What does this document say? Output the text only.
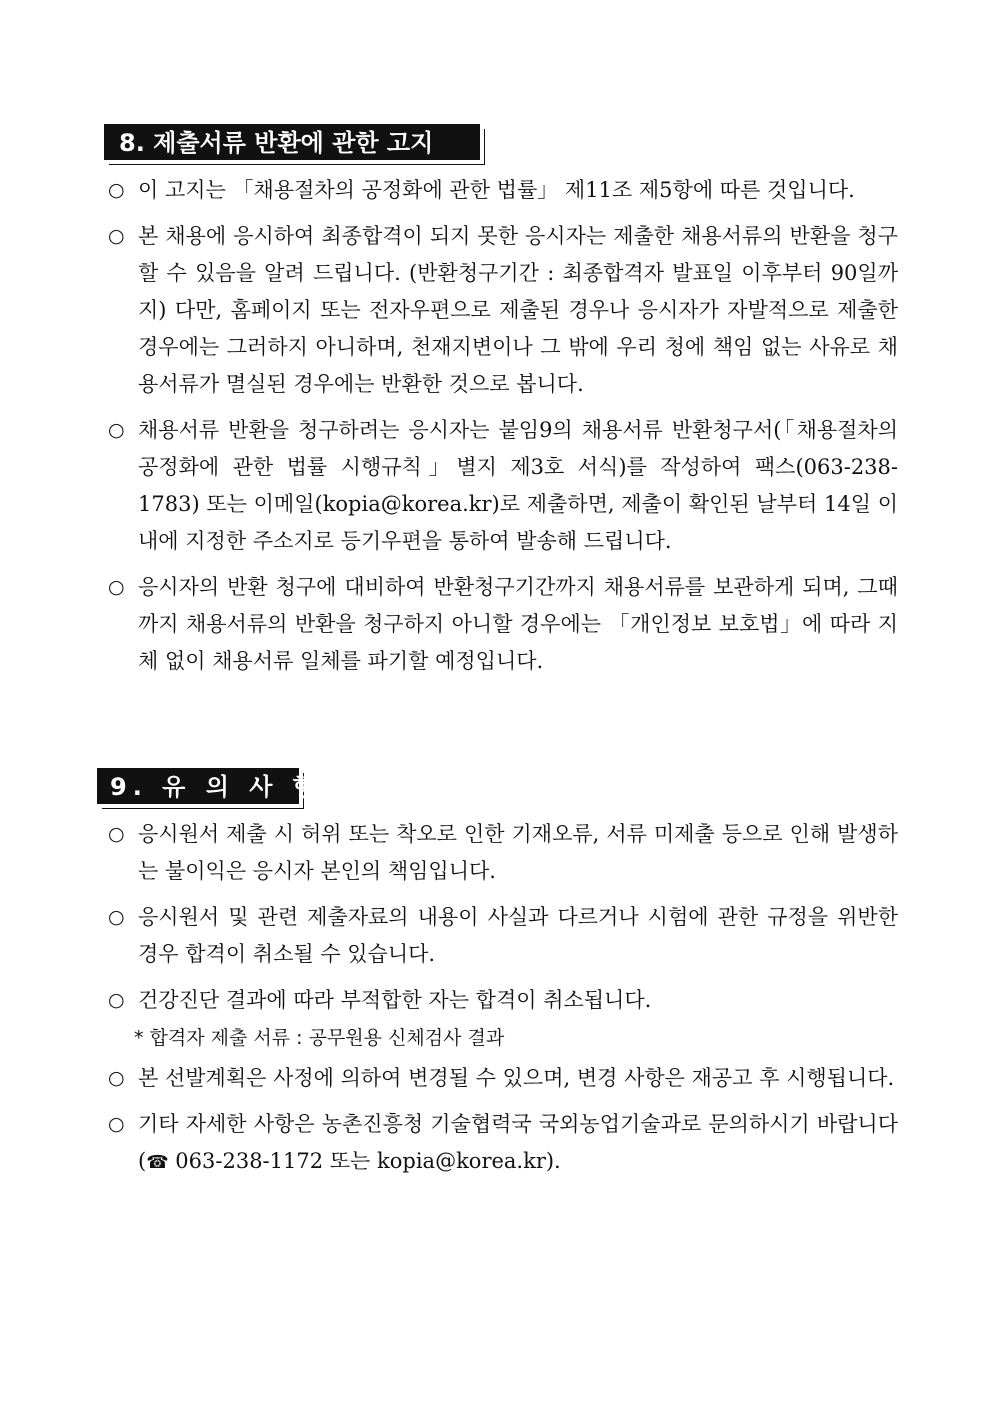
8. 제출서류 반환에 관한 고지
○ 이 고지는 「채용절차의 공정화에 관한 법률」 제11조 제5항에 따른 것입니다.
○ 본 채용에 응시하여 최종합격이 되지 못한 응시자는 제출한 채용서류의 반환을 청구할 수 있음을 알려 드립니다. (반환청구기간 : 최종합격자 발표일 이후부터 90일까지) 다만, 홈페이지 또는 전자우편으로 제출된 경우나 응시자가 자발적으로 제출한 경우에는 그러하지 아니하며, 천재지변이나 그 밖에 우리 청에 책임 없는 사유로 채용서류가 멸실된 경우에는 반환한 것으로 봅니다.
○ 채용서류 반환을 청구하려는 응시자는 붙임9의 채용서류 반환청구서(「채용절차의 공정화에 관한 법률 시행규칙」별지 제3호 서식)를 작성하여 팩스(063-238-1783) 또는 이메일(kopia@korea.kr)로 제출하면, 제출이 확인된 날부터 14일 이내에 지정한 주소지로 등기우편을 통하여 발송해 드립니다.
○ 응시자의 반환 청구에 대비하여 반환청구기간까지 채용서류를 보관하게 되며, 그때까지 채용서류의 반환을 청구하지 아니할 경우에는 「개인정보 보호법」에 따라 지체 없이 채용서류 일체를 파기할 예정입니다.
9. 유 의 사 항
○ 응시원서 제출 시 허위 또는 착오로 인한 기재오류, 서류 미제출 등으로 인해 발생하는 불이익은 응시자 본인의 책임입니다.
○ 응시원서 및 관련 제출자료의 내용이 사실과 다르거나 시험에 관한 규정을 위반한 경우 합격이 취소될 수 있습니다.
○ 건강진단 결과에 따라 부적합한 자는 합격이 취소됩니다.
* 합격자 제출 서류 : 공무원용 신체검사 결과
○ 본 선발계획은 사정에 의하여 변경될 수 있으며, 변경 사항은 재공고 후 시행됩니다.
○ 기타 자세한 사항은 농촌진흥청 기술협력국 국외농업기술과로 문의하시기 바랍니다(☎ 063-238-1172 또는 kopia@korea.kr).
